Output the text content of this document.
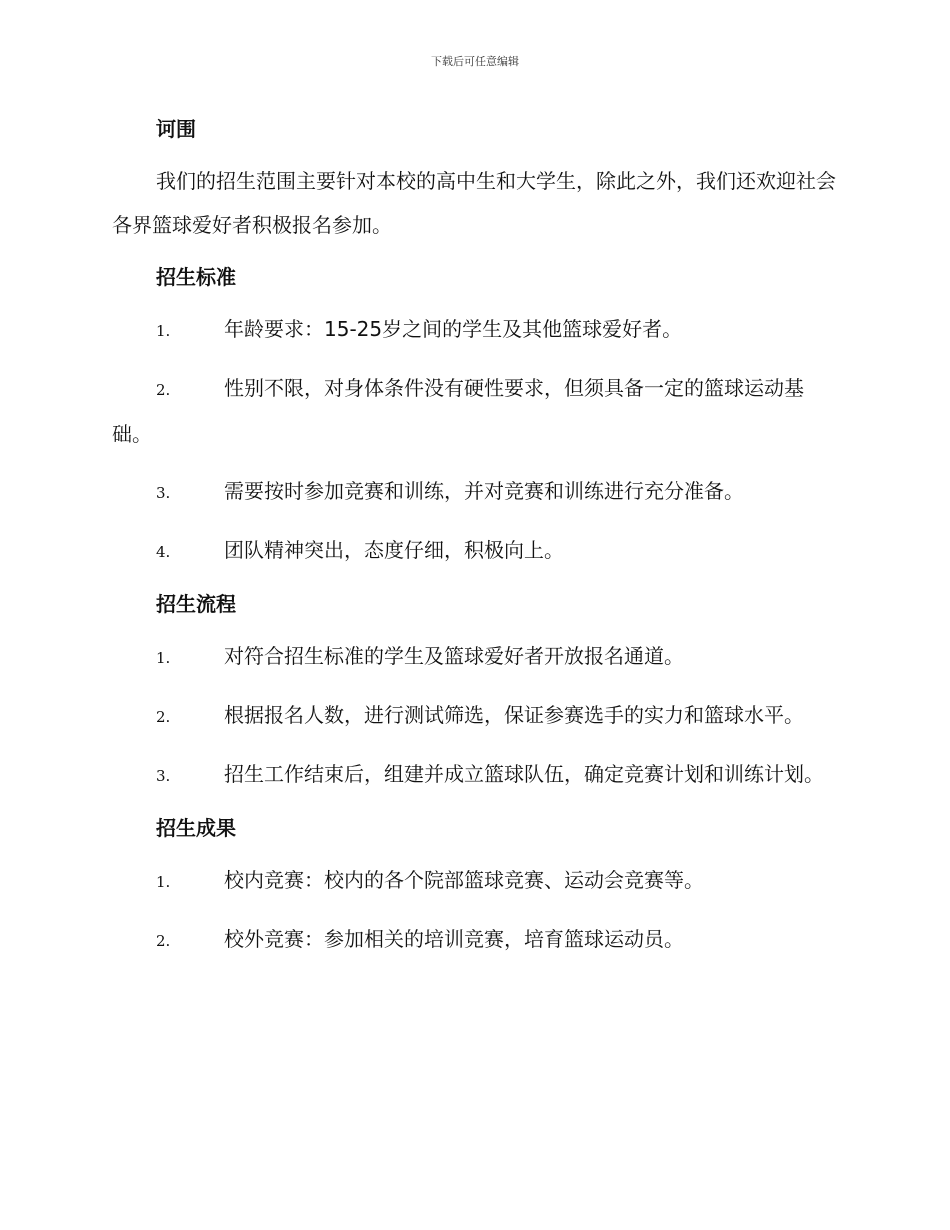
下载后可任意编辑
诃围

我们的招生范围主要针对本校的高中生和大学生，除此之外，我们还欢迎社会各界篮球爱好者积极报名参加。

招生标准
1.	年龄要求：15-25岁之间的学生及其他篮球爱好者。
2.	性别不限，对身体条件没有硬性要求，但须具备一定的篮球运动基础。
3.	需要按时参加竞赛和训练，并对竞赛和训练进行充分准备。
4.	团队精神突出，态度仔细，积极向上。
招生流程
1.	对符合招生标准的学生及篮球爱好者开放报名通道。
2.	根据报名人数，进行测试筛选，保证参赛选手的实力和篮球水平。
3.	招生工作结束后，组建并成立篮球队伍，确定竞赛计划和训练计划。
招生成果
1.	校内竞赛：校内的各个院部篮球竞赛、运动会竞赛等。
2.	校外竞赛：参加相关的培训竞赛，培育篮球运动员。
